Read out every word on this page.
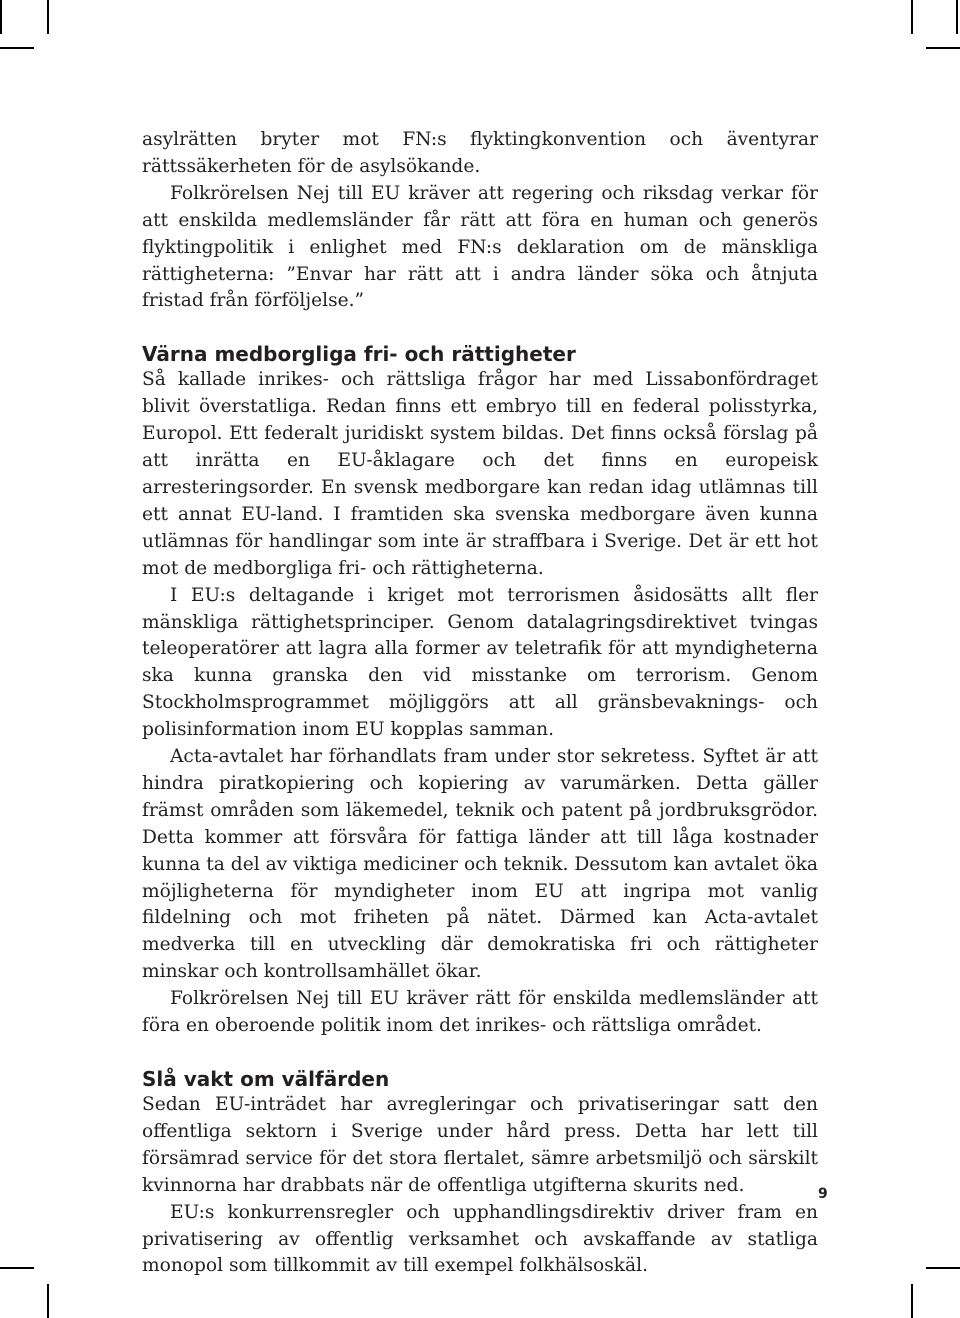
asylrätten bryter mot FN:s flyktingkonvention och äventyrar rättssäkerheten för de asylsökande.

Folkrörelsen Nej till EU kräver att regering och riksdag verkar för att enskilda medlemsländer får rätt att föra en human och generös flyktingpolitik i enlighet med FN:s deklaration om de mänskliga rättigheterna: ”Envar har rätt att i andra länder söka och åtnjuta fristad från förföljelse.”

Värna medborgliga fri- och rättigheter

Så kallade inrikes- och rättsliga frågor har med Lissabonfördraget blivit överstatliga. Redan finns ett embryo till en federal polisstyrka, Europol. Ett federalt juridiskt system bildas. Det finns också förslag på att inrätta en EU-åklagare och det finns en europeisk arresteringsorder. En svensk medborgare kan redan idag utlämnas till ett annat EU-land. I framtiden ska svenska medborgare även kunna utlämnas för handlingar som inte är straffbara i Sverige. Det är ett hot mot de medborgliga fri- och rättigheterna.

I EU:s deltagande i kriget mot terrorismen åsidosätts allt fler mänskliga rättighetsprinciper. Genom datalagringsdirektivet tvingas teleoperatörer att lagra alla former av teletrafik för att myndigheterna ska kunna granska den vid misstanke om terrorism. Genom Stockholmsprogrammet möjliggörs att all gränsbevaknings- och polisinformation inom EU kopplas samman.

Acta-avtalet har förhandlats fram under stor sekretess. Syftet är att hindra piratkopiering och kopiering av varumärken. Detta gäller främst områden som läkemedel, teknik och patent på jordbruksgrödor. Detta kommer att försvåra för fattiga länder att till låga kostnader kunna ta del av viktiga mediciner och teknik. Dessutom kan avtalet öka möjligheterna för myndigheter inom EU att ingripa mot vanlig fildelning och mot friheten på nätet. Därmed kan Acta-avtalet medverka till en utveckling där demokratiska fri och rättigheter minskar och kontrollsamhället ökar.

Folkrörelsen Nej till EU kräver rätt för enskilda medlemsländer att föra en oberoende politik inom det inrikes- och rättsliga området.

Slå vakt om välfärden

Sedan EU-inträdet har avregleringar och privatiseringar satt den offentliga sektorn i Sverige under hård press. Detta har lett till försämrad service för det stora flertalet, sämre arbetsmiljö och särskilt kvinnorna har drabbats när de offentliga utgifterna skurits ned.

EU:s konkurrensregler och upphandlingsdirektiv driver fram en privatisering av offentlig verksamhet och avskaffande av statliga monopol som tillkommit av till exempel folkhälsoskäl.

9
